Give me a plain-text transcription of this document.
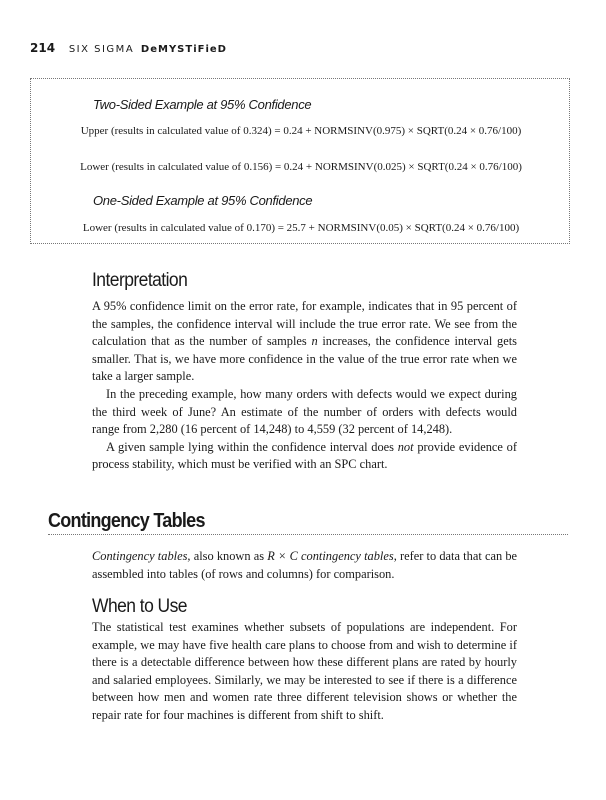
214 SIX SIGMA DeMYSTiFieD
Two-Sided Example at 95% Confidence
Upper (results in calculated value of 0.324) = 0.24 + NORMSINV(0.975) × SQRT(0.24 × 0.76/100)
Lower (results in calculated value of 0.156) = 0.24 + NORMSINV(0.025) × SQRT(0.24 × 0.76/100)
One-Sided Example at 95% Confidence
Lower (results in calculated value of 0.170) = 25.7 + NORMSINV(0.05) × SQRT(0.24 × 0.76/100)
Interpretation

A 95% confidence limit on the error rate, for example, indicates that in 95 percent of the samples, the confidence interval will include the true error rate. We see from the calculation that as the number of samples n increases, the confidence interval gets smaller. That is, we have more confidence in the value of the true error rate when we take a larger sample.

In the preceding example, how many orders with defects would we expect during the third week of June? An estimate of the number of orders with defects would range from 2,280 (16 percent of 14,248) to 4,559 (32 percent of 14,248).

A given sample lying within the confidence interval does not provide evidence of process stability, which must be verified with an SPC chart.

Contingency Tables

Contingency tables, also known as R × C contingency tables, refer to data that can be assembled into tables (of rows and columns) for comparison.

When to Use

The statistical test examines whether subsets of populations are independent. For example, we may have five health care plans to choose from and wish to determine if there is a detectable difference between how these different plans are rated by hourly and salaried employees. Similarly, we may be interested to see if there is a difference between how men and women rate three different television shows or whether the repair rate for four machines is different from shift to shift.
